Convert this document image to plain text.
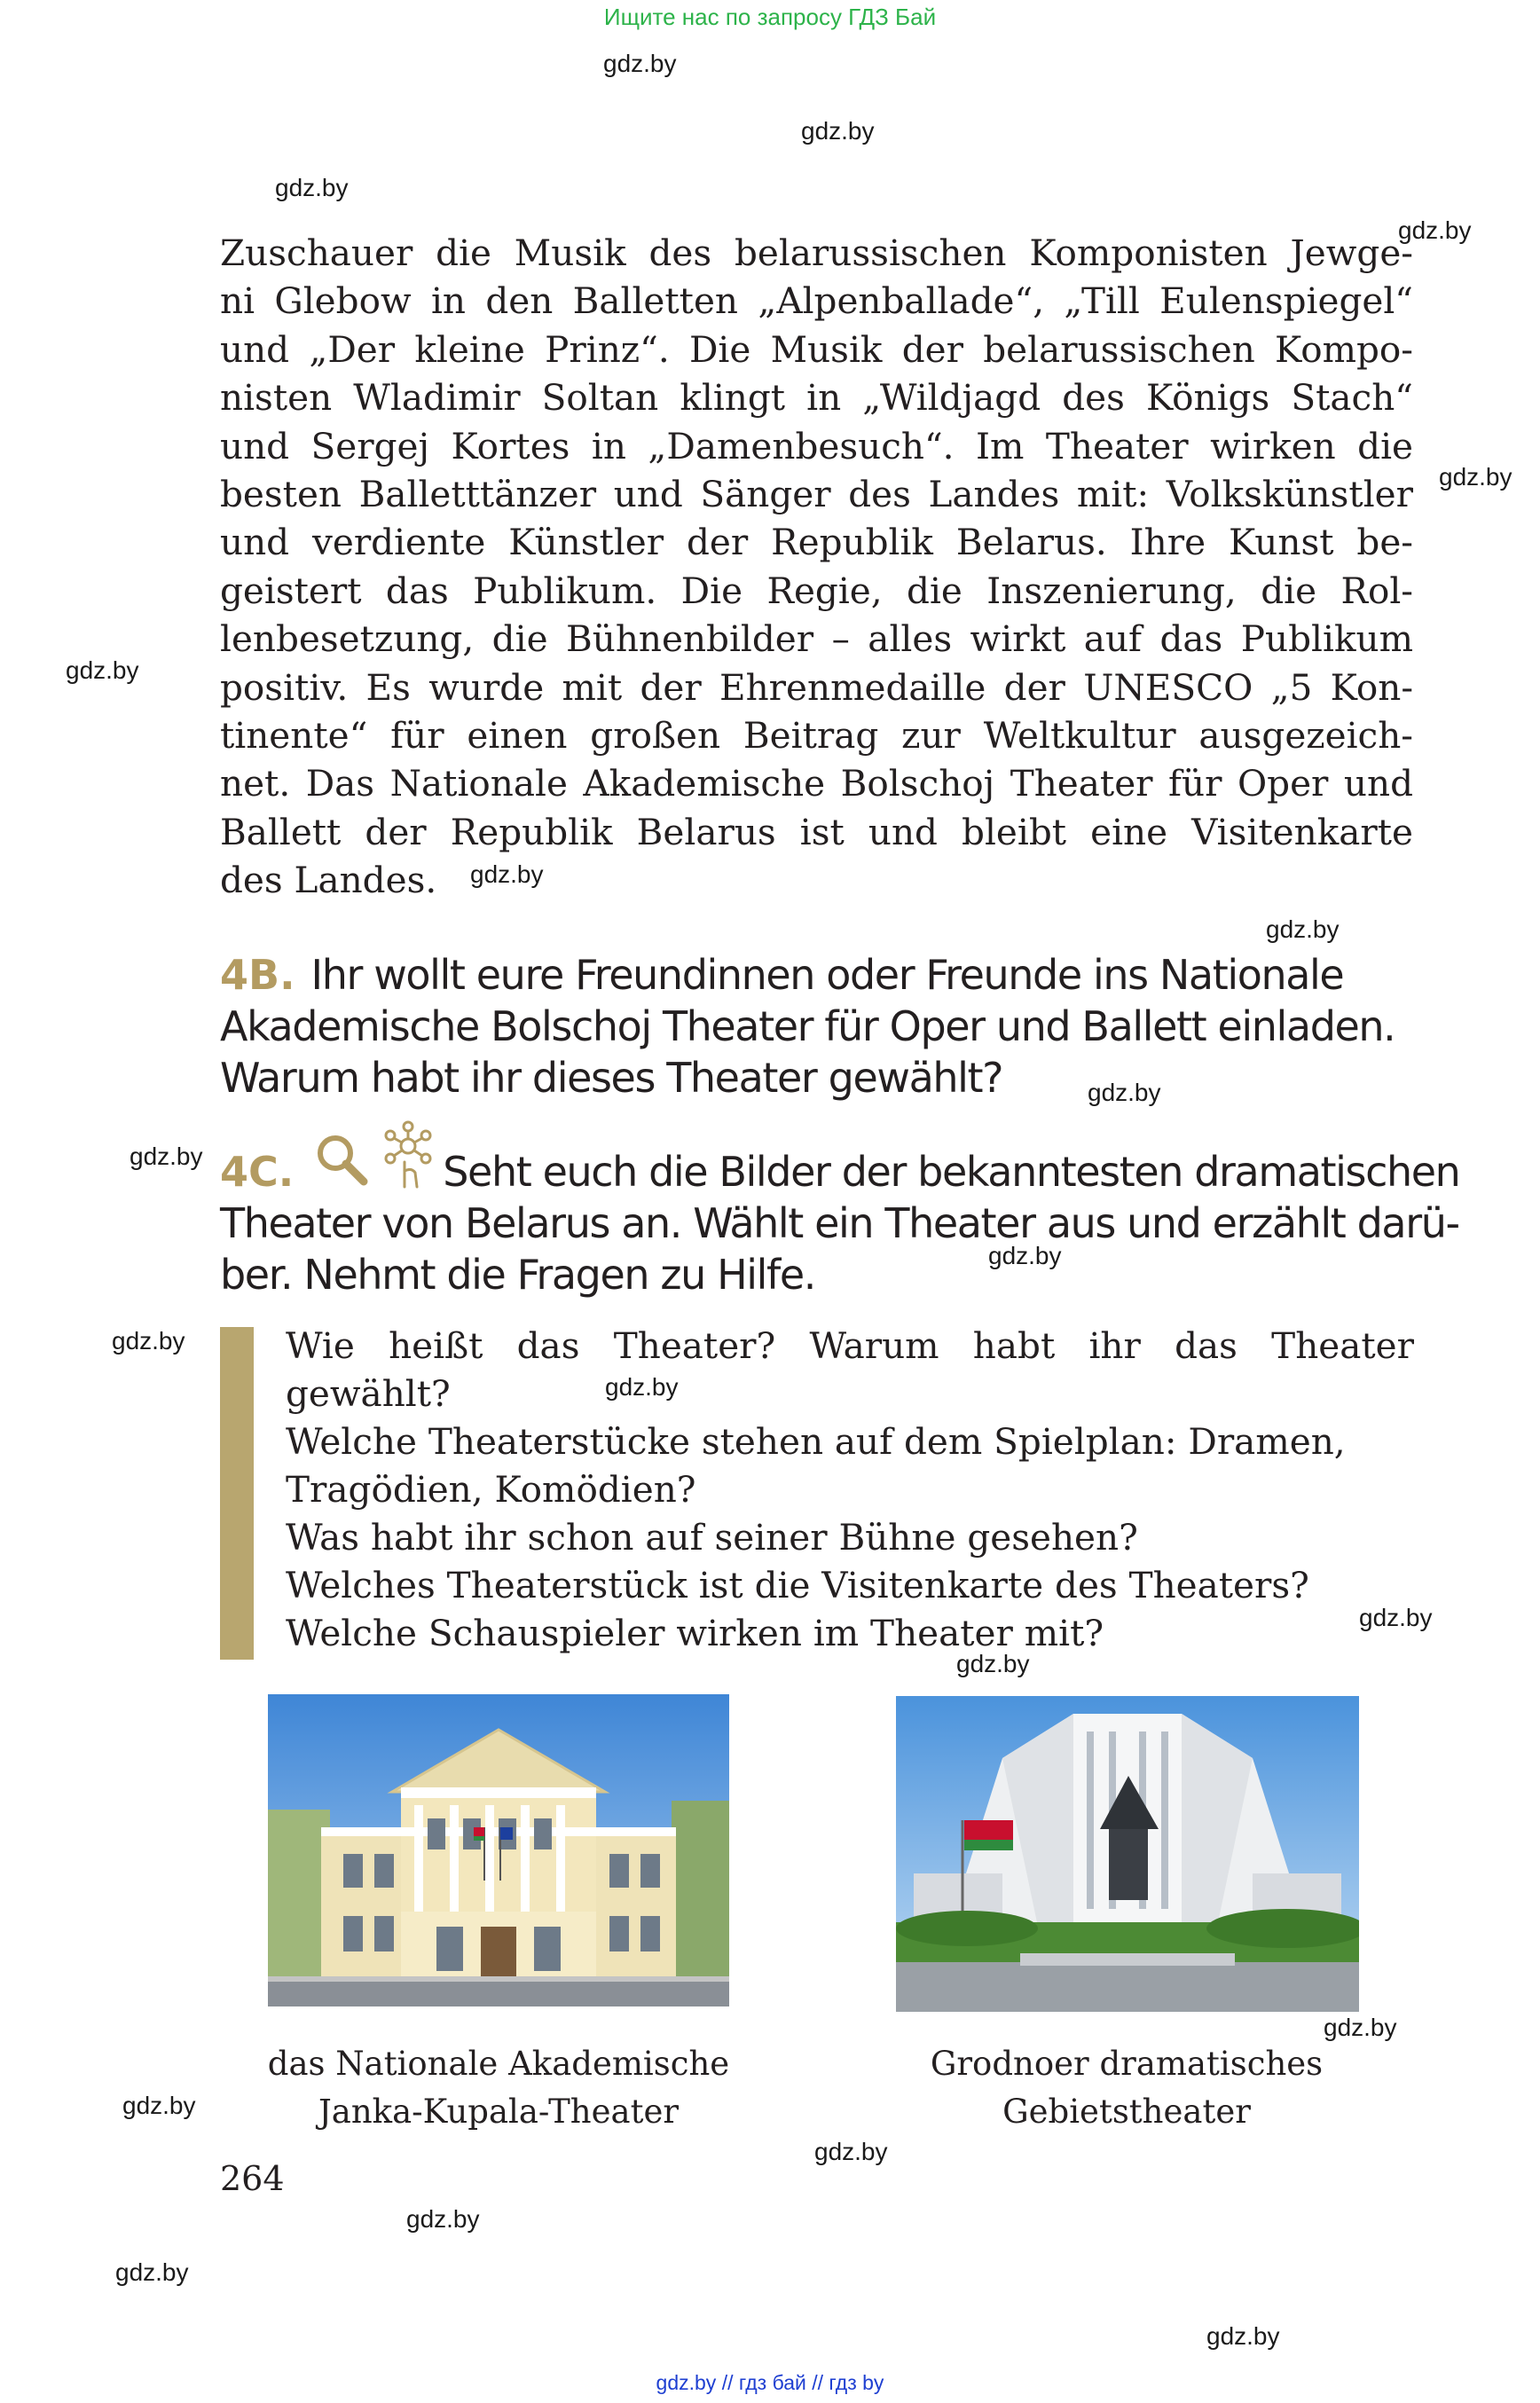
Ищите нас по запросу ГДЗ Бай
gdz.by
gdz.by
gdz.by
gdz.by
gdz.by
gdz.by
gdz.by
gdz.by
gdz.by
gdz.by
gdz.by
gdz.by
gdz.by
gdz.by
gdz.by
gdz.by
gdz.by
gdz.by
gdz.by
gdz.by
gdz.by
Zuschauer die Musik des belarussischen Komponisten Jewge-
ni Glebow in den Balletten „Alpenballade“, „Till Eulenspiegel“
und „Der kleine Prinz“. Die Musik der belarussischen Kompo-
nisten Wladimir Soltan klingt in „Wildjagd des Königs Stach“
und Sergej Kortes in „Damenbesuch“. Im Theater wirken die
besten Balletttänzer und Sänger des Landes mit: Volkskünstler
und verdiente Künstler der Republik Belarus. Ihre Kunst be-
geistert das Publikum. Die Regie, die Inszenierung, die Rol-
lenbesetzung, die Bühnenbilder – alles wirkt auf das Publikum
positiv. Es wurde mit der Ehrenmedaille der UNESCO „5 Kon-
tinente“ für einen großen Beitrag zur Weltkultur ausgezeich-
net. Das Nationale Akademische Bolschoj Theater für Oper und
Ballett der Republik Belarus ist und bleibt eine Visitenkarte
des Landes.
4B. Ihr wollt eure Freundinnen oder Freunde ins Nationale
Akademische Bolschoj Theater für Oper und Ballett einladen.
Warum habt ihr dieses Theater gewählt?
4C.	Seht euch die Bilder der bekanntesten dramatischen
Theater von Belarus an. Wählt ein Theater aus und erzählt darü-
ber. Nehmt die Fragen zu Hilfe.
Wie heißt das Theater? Warum habt ihr das Theater
gewählt?
Welche Theaterstücke stehen auf dem Spielplan: Dramen,
Tragödien, Komödien?
Was habt ihr schon auf seiner Bühne gesehen?
Welches Theaterstück ist die Visitenkarte des Theaters?
Welche Schauspieler wirken im Theater mit?
das Nationale Akademische
Janka-Kupala-Theater
Grodnoer dramatisches
Gebietstheater
264
gdz.by // гдз бай // гдз by
